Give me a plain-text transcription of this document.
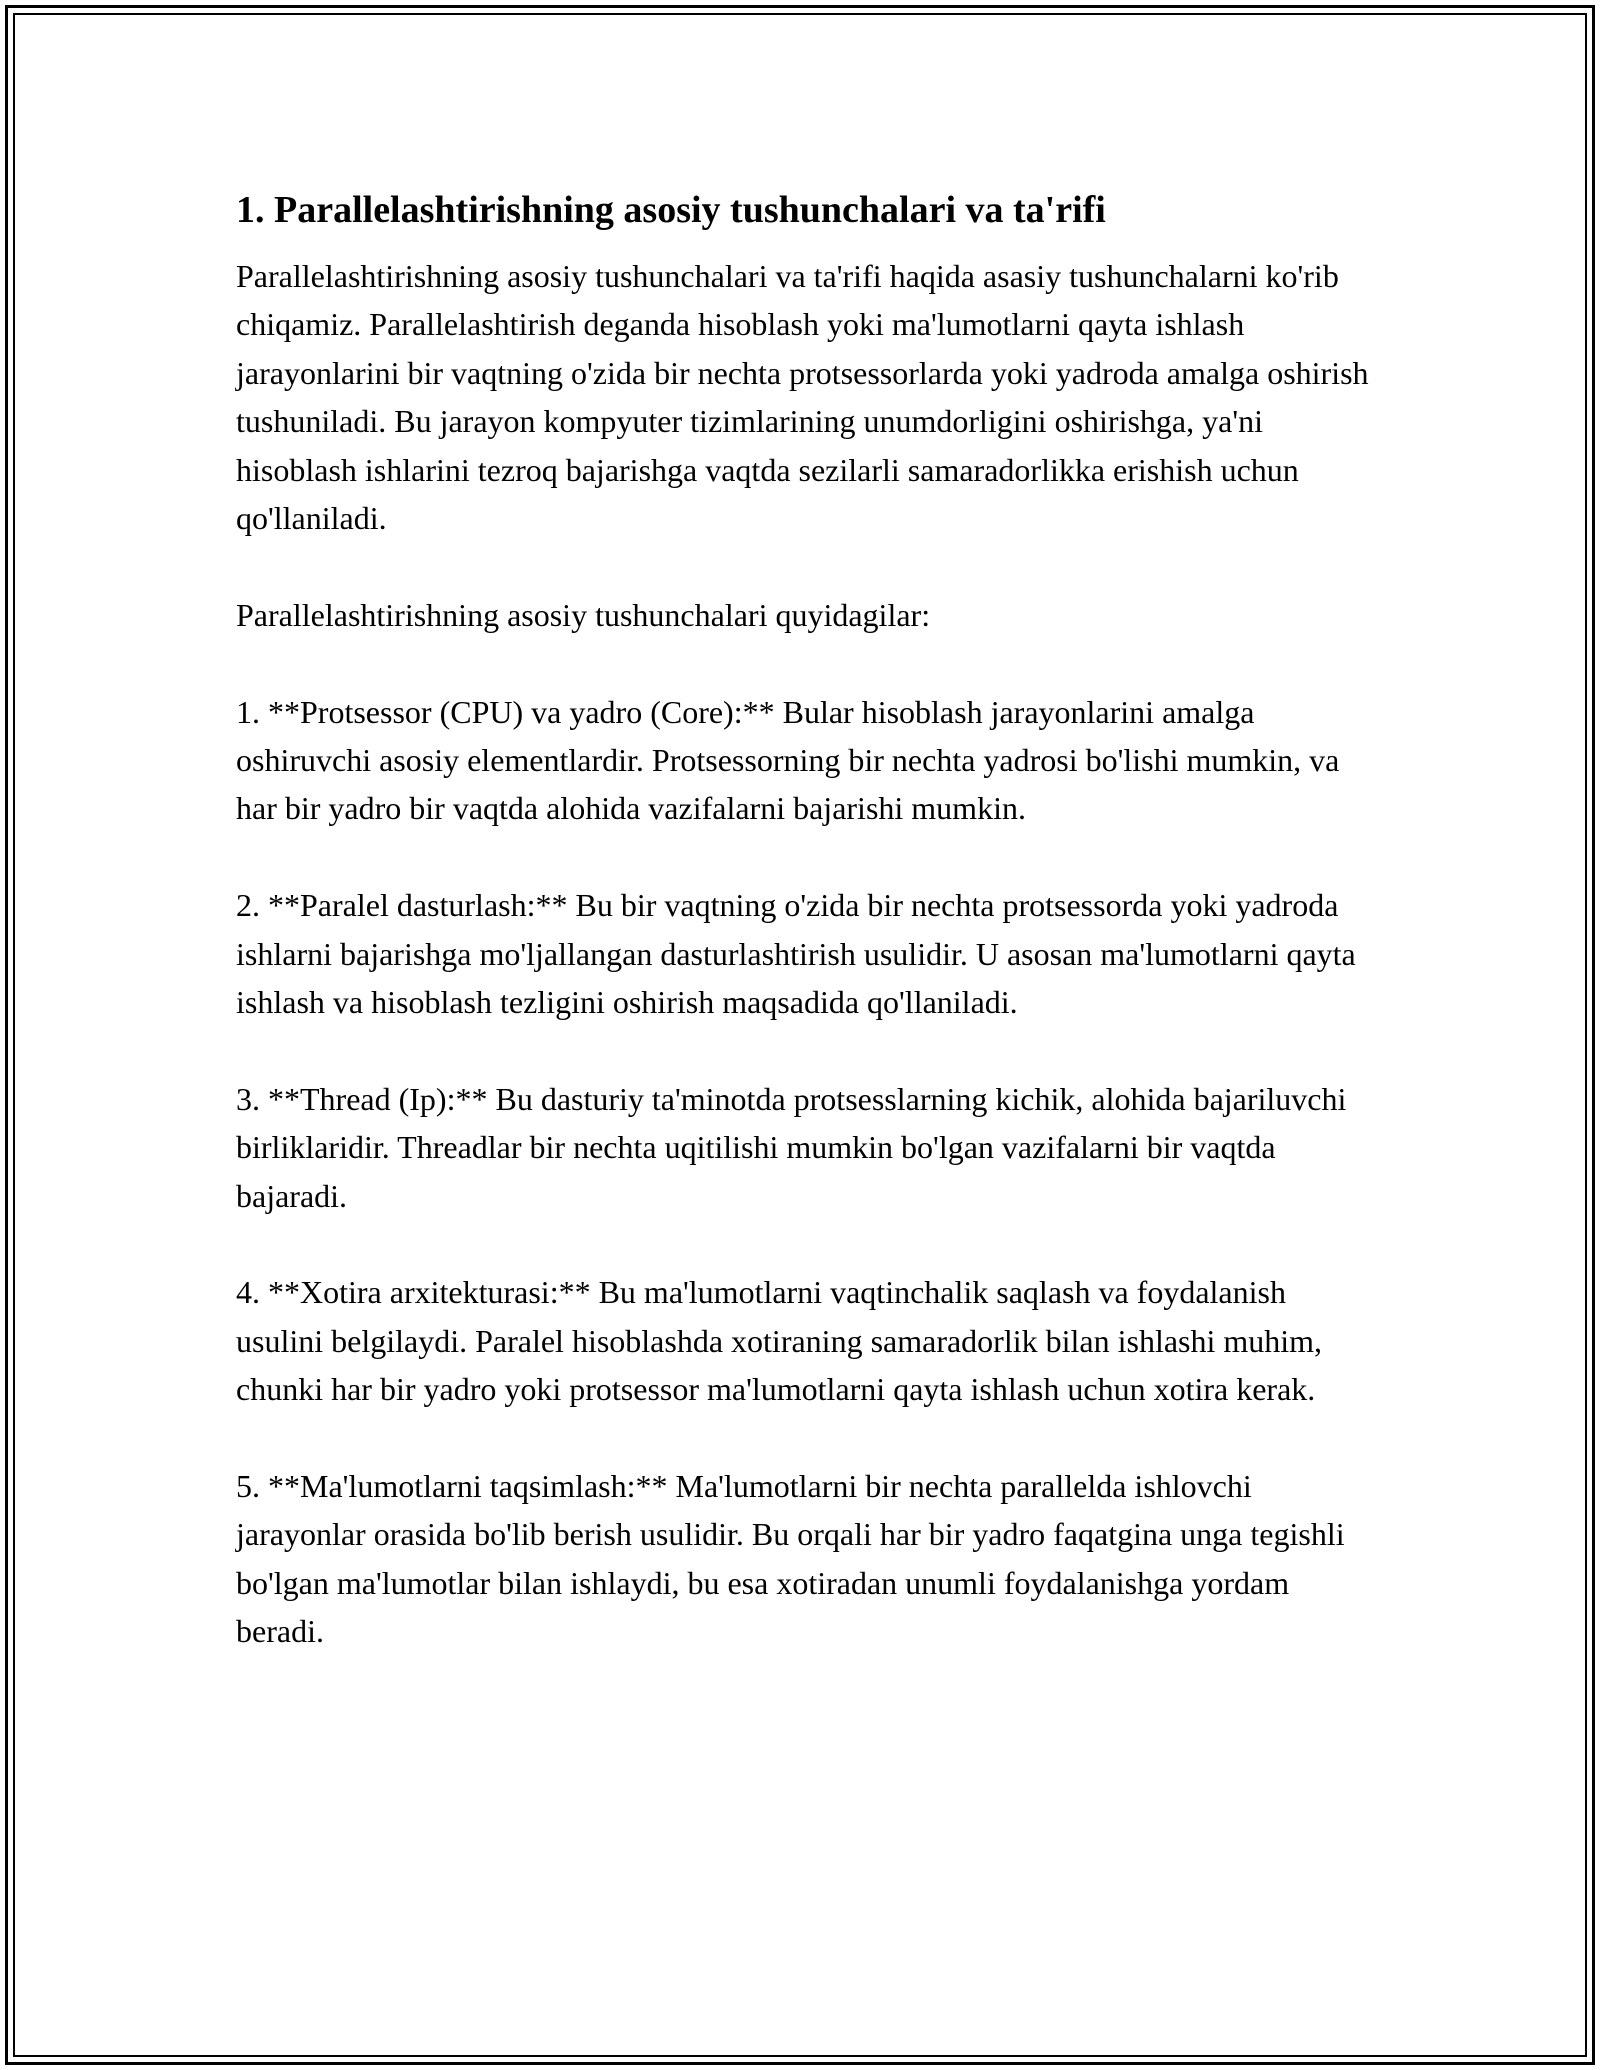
1. Parallelashtirishning asosiy tushunchalari va ta'rifi

Parallelashtirishning asosiy tushunchalari va ta'rifi haqida asasiy tushunchalarni ko'rib chiqamiz. Parallelashtirish deganda hisoblash yoki ma'lumotlarni qayta ishlash jarayonlarini bir vaqtning o'zida bir nechta protsessorlarda yoki yadroda amalga oshirish tushuniladi. Bu jarayon kompyuter tizimlarining unumdorligini oshirishga, ya'ni hisoblash ishlarini tezroq bajarishga vaqtda sezilarli samaradorlikka erishish uchun qo'llaniladi.

Parallelashtirishning asosiy tushunchalari quyidagilar:

1. **Protsessor (CPU) va yadro (Core):** Bular hisoblash jarayonlarini amalga oshiruvchi asosiy elementlardir. Protsessorning bir nechta yadrosi bo'lishi mumkin, va har bir yadro bir vaqtda alohida vazifalarni bajarishi mumkin.

2. **Paralel dasturlash:** Bu bir vaqtning o'zida bir nechta protsessorda yoki yadroda ishlarni bajarishga mo'ljallangan dasturlashtirish usulidir. U asosan ma'lumotlarni qayta ishlash va hisoblash tezligini oshirish maqsadida qo'llaniladi.

3. **Thread (Ip):** Bu dasturiy ta'minotda protsesslarning kichik, alohida bajariluvchi birliklaridir. Threadlar bir nechta uqitilishi mumkin bo'lgan vazifalarni bir vaqtda bajaradi.

4. **Xotira arxitekturasi:** Bu ma'lumotlarni vaqtinchalik saqlash va foydalanish usulini belgilaydi. Paralel hisoblashda xotiraning samaradorlik bilan ishlashi muhim, chunki har bir yadro yoki protsessor ma'lumotlarni qayta ishlash uchun xotira kerak.

5. **Ma'lumotlarni taqsimlash:** Ma'lumotlarni bir nechta parallelda ishlovchi jarayonlar orasida bo'lib berish usulidir. Bu orqali har bir yadro faqatgina unga tegishli bo'lgan ma'lumotlar bilan ishlaydi, bu esa xotiradan unumli foydalanishga yordam beradi.
